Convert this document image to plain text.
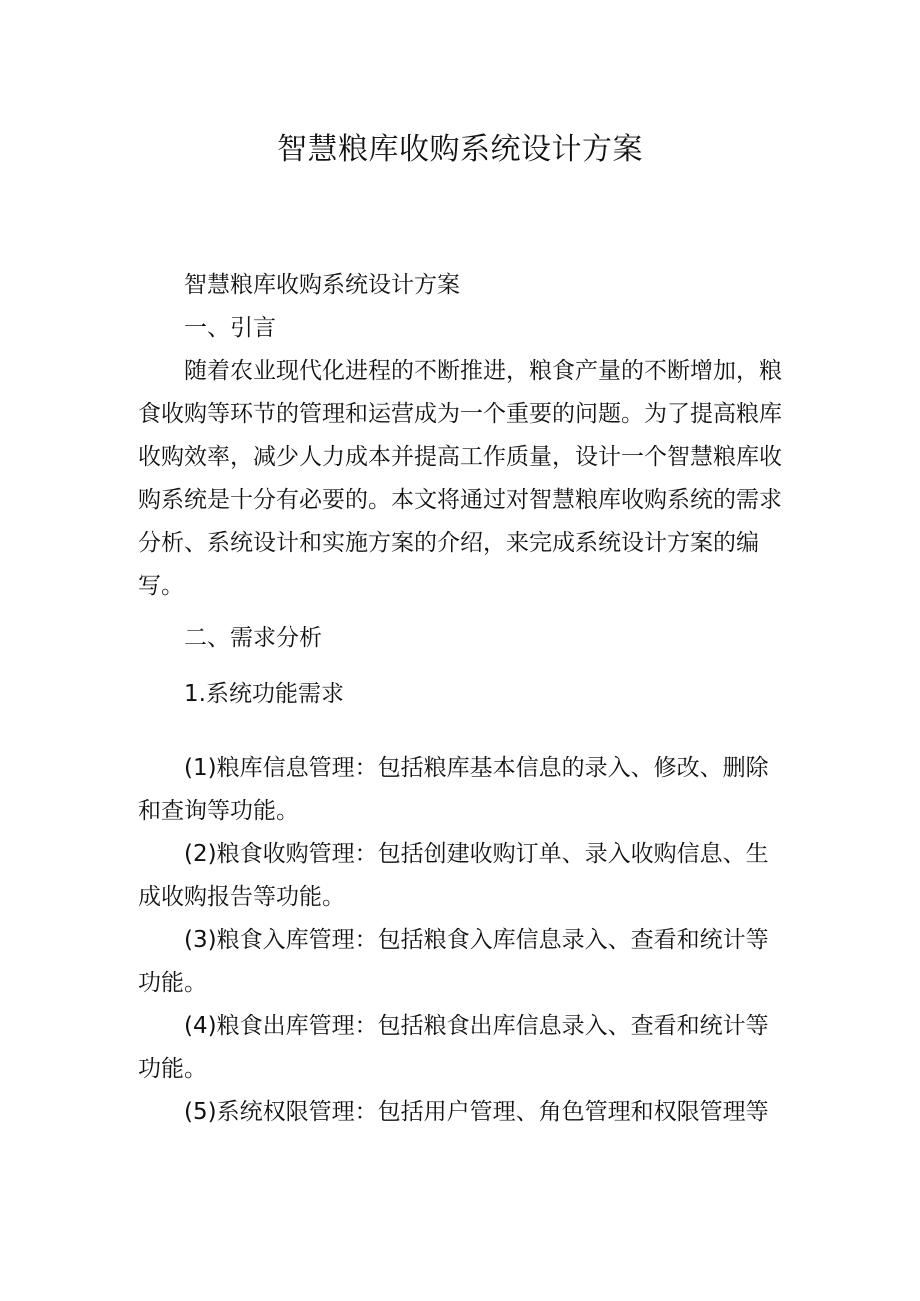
智慧粮库收购系统设计方案

智慧粮库收购系统设计方案

一、引言

随着农业现代化进程的不断推进，粮食产量的不断增加，粮食收购等环节的管理和运营成为一个重要的问题。为了提高粮库收购效率，减少人力成本并提高工作质量，设计一个智慧粮库收购系统是十分有必要的。本文将通过对智慧粮库收购系统的需求分析、系统设计和实施方案的介绍，来完成系统设计方案的编写。

二、需求分析

1.系统功能需求

(1)粮库信息管理：包括粮库基本信息的录入、修改、删除和查询等功能。

(2)粮食收购管理：包括创建收购订单、录入收购信息、生成收购报告等功能。

(3)粮食入库管理：包括粮食入库信息录入、查看和统计等功能。

(4)粮食出库管理：包括粮食出库信息录入、查看和统计等功能。

(5)系统权限管理：包括用户管理、角色管理和权限管理等
